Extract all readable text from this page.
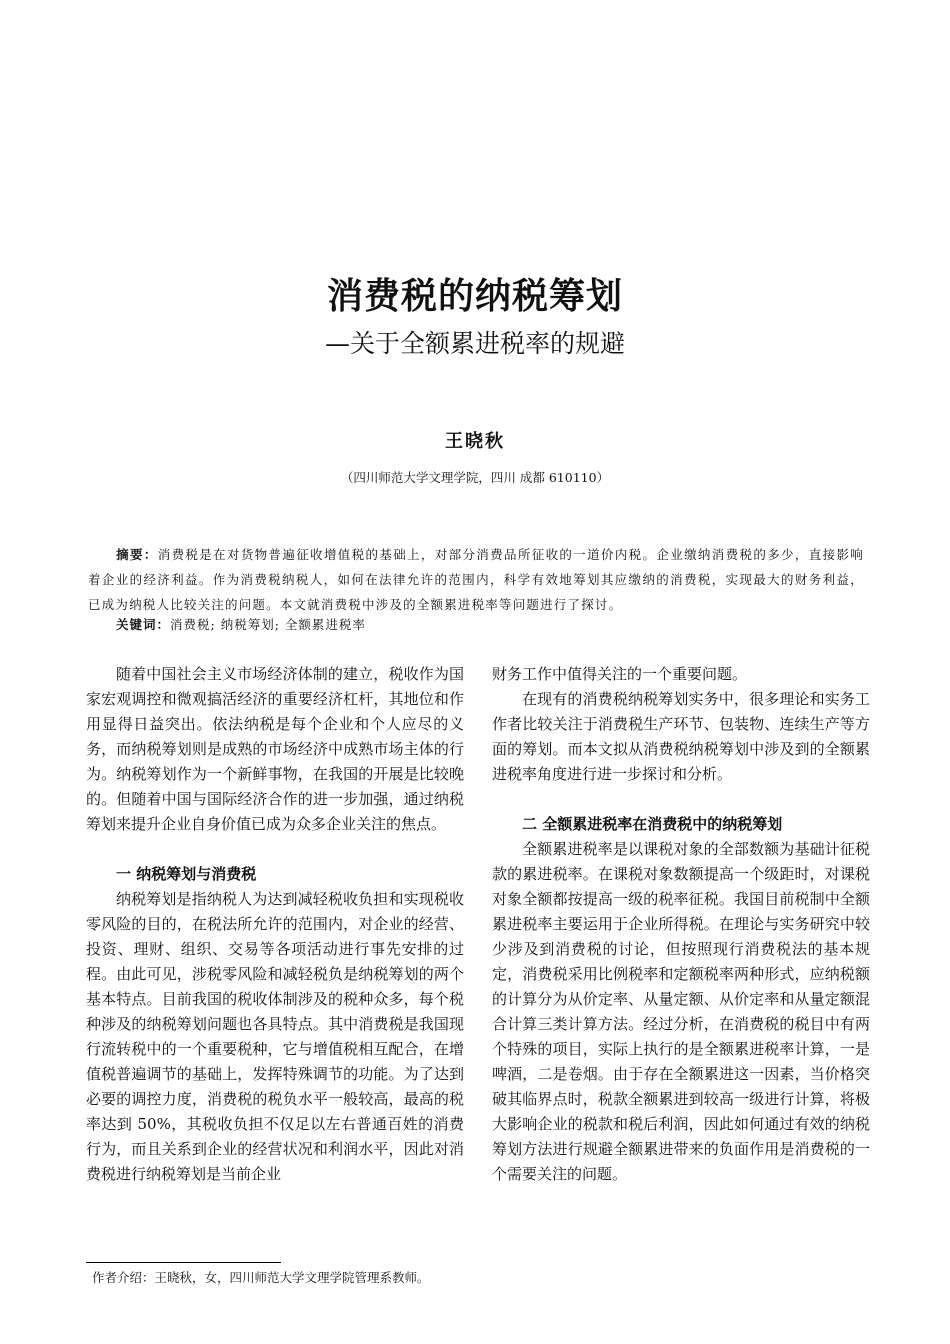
消费税的纳税筹划
—关于全额累进税率的规避
王晓秋
（四川师范大学文理学院，四川 成都 610110）
摘要：消费税是在对货物普遍征收增值税的基础上，对部分消费品所征收的一道价内税。企业缴纳消费税的多少，直接影响着企业的经济利益。作为消费税纳税人，如何在法律允许的范围内，科学有效地筹划其应缴纳的消费税，实现最大的财务利益，已成为纳税人比较关注的问题。本文就消费税中涉及的全额累进税率等问题进行了探讨。
关键词：消费税; 纳税筹划; 全额累进税率

随着中国社会主义市场经济体制的建立，税收作为国家宏观调控和微观搞活经济的重要经济杠杆，其地位和作用显得日益突出。依法纳税是每个企业和个人应尽的义务，而纳税筹划则是成熟的市场经济中成熟市场主体的行为。纳税筹划作为一个新鲜事物，在我国的开展是比较晚的。但随着中国与国际经济合作的进一步加强，通过纳税筹划来提升企业自身价值已成为众多企业关注的焦点。

一 纳税筹划与消费税

纳税筹划是指纳税人为达到减轻税收负担和实现税收零风险的目的，在税法所允许的范围内，对企业的经营、投资、理财、组织、交易等各项活动进行事先安排的过程。由此可见，涉税零风险和减轻税负是纳税筹划的两个基本特点。目前我国的税收体制涉及的税种众多，每个税种涉及的纳税筹划问题也各具特点。其中消费税是我国现行流转税中的一个重要税种，它与增值税相互配合，在增值税普遍调节的基础上，发挥特殊调节的功能。为了达到必要的调控力度，消费税的税负水平一般较高，最高的税率达到 50%，其税收负担不仅足以左右普通百姓的消费行为，而且关系到企业的经营状况和利润水平，因此对消费税进行纳税筹划是当前企业

财务工作中值得关注的一个重要问题。

在现有的消费税纳税筹划实务中，很多理论和实务工作者比较关注于消费税生产环节、包装物、连续生产等方面的筹划。而本文拟从消费税纳税筹划中涉及到的全额累进税率角度进行进一步探讨和分析。

二 全额累进税率在消费税中的纳税筹划

全额累进税率是以课税对象的全部数额为基础计征税款的累进税率。在课税对象数额提高一个级距时，对课税对象全额都按提高一级的税率征税。我国目前税制中全额累进税率主要运用于企业所得税。在理论与实务研究中较少涉及到消费税的讨论，但按照现行消费税法的基本规定，消费税采用比例税率和定额税率两种形式，应纳税额的计算分为从价定率、从量定额、从价定率和从量定额混合计算三类计算方法。经过分析，在消费税的税目中有两个特殊的项目，实际上执行的是全额累进税率计算，一是啤酒，二是卷烟。由于存在全额累进这一因素，当价格突破其临界点时，税款全额累进到较高一级进行计算，将极大影响企业的税款和税后利润，因此如何通过有效的纳税筹划方法进行规避全额累进带来的负面作用是消费税的一个需要关注的问题。

作者介绍：王晓秋，女，四川师范大学文理学院管理系教师。
